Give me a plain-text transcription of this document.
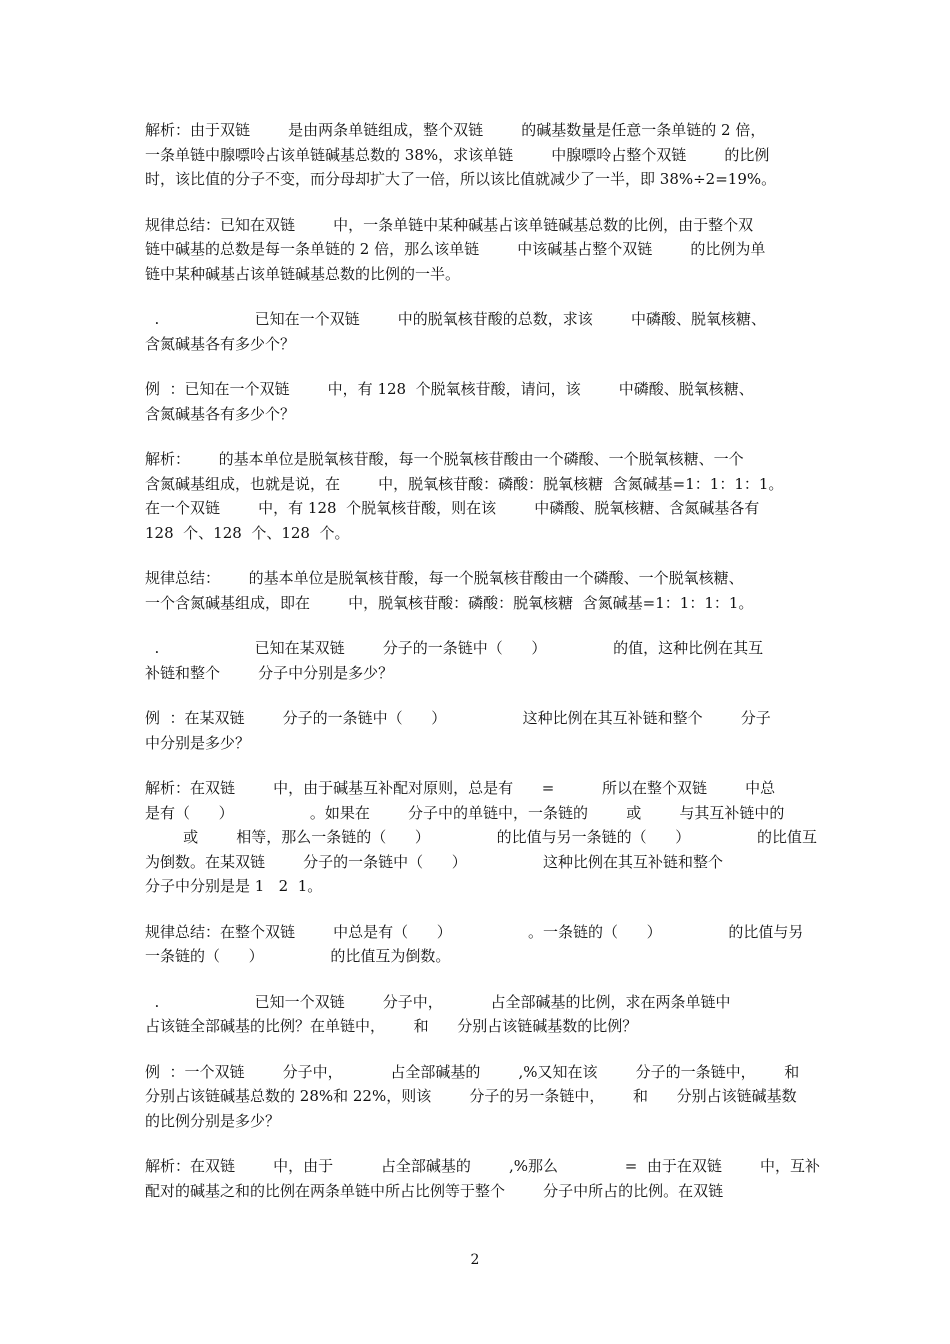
解析：由于双链        是由两条单链组成，整个双链        的碱基数量是任意一条单链的 2 倍，
一条单链中腺嘌呤占该单链碱基总数的 38%，求该单链        中腺嘌呤占整个双链        的比例
时，该比值的分子不变，而分母却扩大了一倍，所以该比值就减少了一半，即 38%÷2=19%。

规律总结：已知在双链        中，一条单链中某种碱基占该单链碱基总数的比例，由于整个双
链中碱基的总数是每一条单链的 2 倍，那么该单链        中该碱基占整个双链        的比例为单
链中某种碱基占该单链碱基总数的比例的一半。

.                    已知在一个双链        中的脱氧核苷酸的总数，求该        中磷酸、脱氧核糖、
含氮碱基各有多少个？

例  ：已知在一个双链        中，有 128  个脱氧核苷酸，请问，该        中磷酸、脱氧核糖、
含氮碱基各有多少个？

解析：      的基本单位是脱氧核苷酸，每一个脱氧核苷酸由一个磷酸、一个脱氧核糖、一个
含氮碱基组成，也就是说，在        中，脱氧核苷酸：磷酸：脱氧核糖  含氮碱基=1：1：1：1。
在一个双链        中，有 128  个脱氧核苷酸，则在该        中磷酸、脱氧核糖、含氮碱基各有
128  个、128  个、128  个。

规律总结：      的基本单位是脱氧核苷酸，每一个脱氧核苷酸由一个磷酸、一个脱氧核糖、
一个含氮碱基组成，即在        中，脱氧核苷酸：磷酸：脱氧核糖  含氮碱基=1：1：1：1。

.                    已知在某双链        分子的一条链中（      ）              的值，这种比例在其互
补链和整个        分子中分别是多少？

例  ：在某双链        分子的一条链中（      ）                这种比例在其互补链和整个        分子
中分别是多少？

解析：在双链        中，由于碱基互补配对原则，总是有      =          所以在整个双链        中总
是有（      ）                。如果在        分子中的单链中，一条链的        或        与其互补链中的
或        相等，那么一条链的（      ）              的比值与另一条链的（      ）              的比值互
为倒数。在某双链        分子的一条链中（      ）                这种比例在其互补链和整个
分子中分别是是 1   2  1。

规律总结：在整个双链        中总是有（      ）                。一条链的（      ）              的比值与另
一条链的（      ）              的比值互为倒数。

.                    已知一个双链        分子中，          占全部碱基的比例，求在两条单链中
占该链全部碱基的比例？在单链中，      和      分别占该链碱基数的比例？

例  ：一个双链        分子中，          占全部碱基的        ,%又知在该        分子的一条链中，      和
分别占该链碱基总数的 28%和 22%，则该        分子的另一条链中，      和      分别占该链碱基数
的比例分别是多少？

解析：在双链        中，由于          占全部碱基的        ,%那么              =  由于在双链        中，互补
配对的碱基之和的比例在两条单链中所占比例等于整个        分子中所占的比例。在双链

2
